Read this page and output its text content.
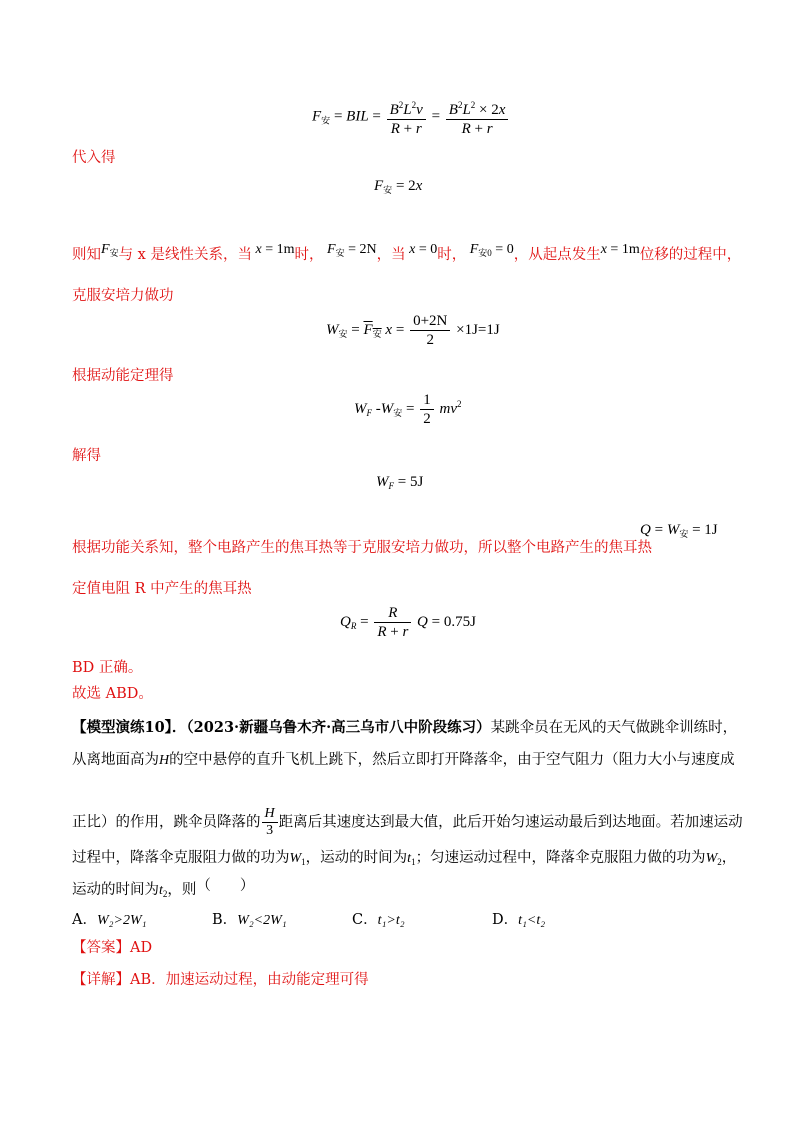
$F_安$ = BIL = $\frac{B^2L^2v}{R + r} = \frac{B^2L^2 \times 2x}{R + r}$
代入得
$F_安 = 2x$
则知$F_安$与 x 是线性关系，当 x = 1m时， $F_安 = 2N$，当 x = 0时， $F_{安0} = 0$，从起点发生x = 1m位移的过程中，
克服安培力做功
$W_安 = F_安$ $x = \frac{0+2N}{2} \times 1J=1J$
根据动能定理得
$W_F$ $-W_安 = \frac{1}{2} mv^2$
解得
$W_F = 5J$
根据功能关系知，整个电路产生的焦耳热等于克服安培力做功，所以整个电路产生的焦耳热
$Q = W_安 = 1J$
定值电阻 R 中产生的焦耳热
$Q_R = \frac{R}{R + r}$ Q = 0.75J
BD 正确。
故选 ABD。
【模型演练10】．（2023·新疆乌鲁木齐·高三乌市八中阶段练习）某跳伞员在无风的天气做跳伞训练时，
从离地面高为H的空中悬停的直升飞机上跳下，然后立即打开降落伞，由于空气阻力（阻力大小与速度成
正比）的作用，跳伞员降落的 $\frac{H}{3}$ 距离后其速度达到最大值，此后开始匀速运动最后到达地面。若加速运动
过程中，降落伞克服阻力做的功为$W_1$，运动的时间为$t_1$；匀速运动过程中，降落伞克服阻力做的功为$W_2$，
运动的时间为$t_2$，则（　　）
A．W₂>2W₁	B．W₂<2W₁	C．t₁>t₂	D．t₁<t₂
【答案】AD
【详解】AB．加速运动过程，由动能定理可得
